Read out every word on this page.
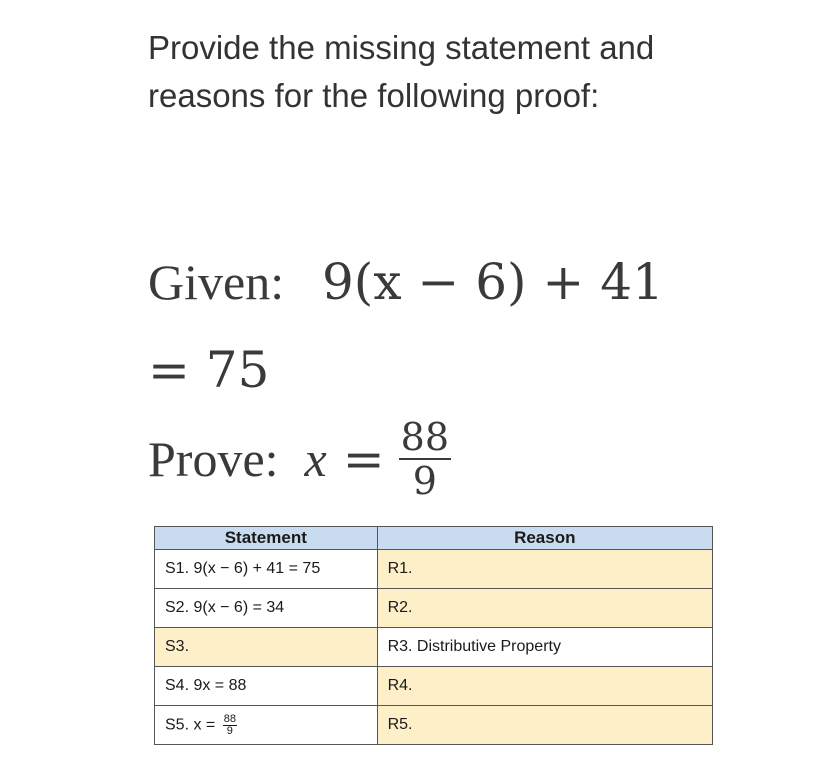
Provide the missing statement and reasons for the following proof:
Given: 9(x − 6) + 41
= 75
Prove: $x = \frac{88}{9}$
Statement	Reason
S1. 9(x − 6) + 41 = 75	R1.
S2. 9(x − 6) = 34	R2.
S3.	R3. Distributive Property
S4. 9x = 88	R4.
S5. $x = \frac{88}{9}$	R5.
